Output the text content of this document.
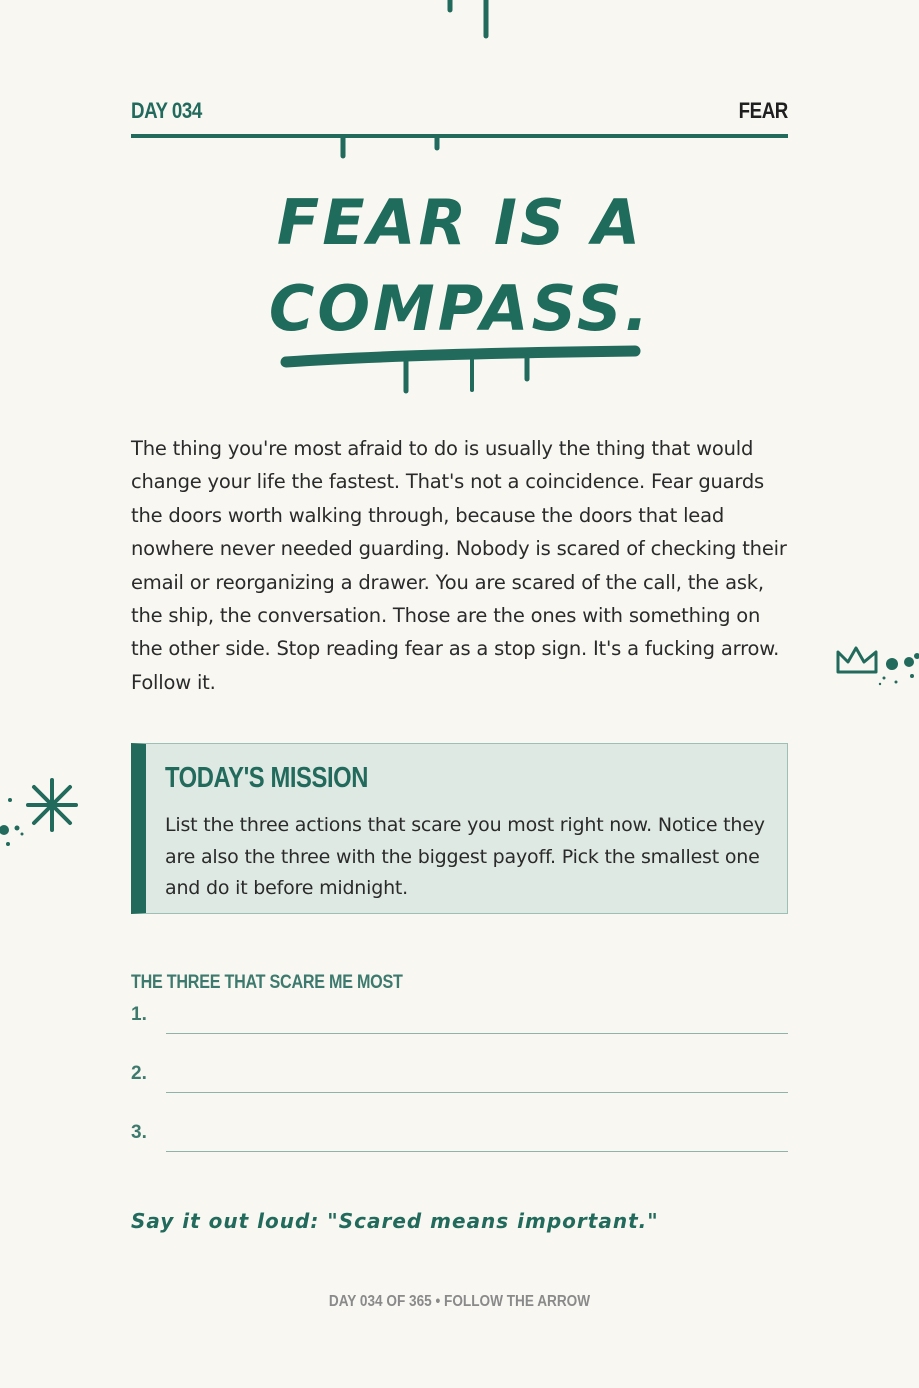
DAY 034	FEAR
FEAR IS A
COMPASS.

The thing you're most afraid to do is usually the thing that would change your life the fastest. That's not a coincidence. Fear guards the doors worth walking through, because the doors that lead nowhere never needed guarding. Nobody is scared of checking their email or reorganizing a drawer. You are scared of the call, the ask, the ship, the conversation. Those are the ones with something on the other side. Stop reading fear as a stop sign. It's a fucking arrow. Follow it.

TODAY'S MISSION

List the three actions that scare you most right now. Notice they are also the three with the biggest payoff. Pick the smallest one and do it before midnight.

THE THREE THAT SCARE ME MOST
1.
2.
3.
Say it out loud: "Scared means important."
DAY 034 OF 365 • FOLLOW THE ARROW
